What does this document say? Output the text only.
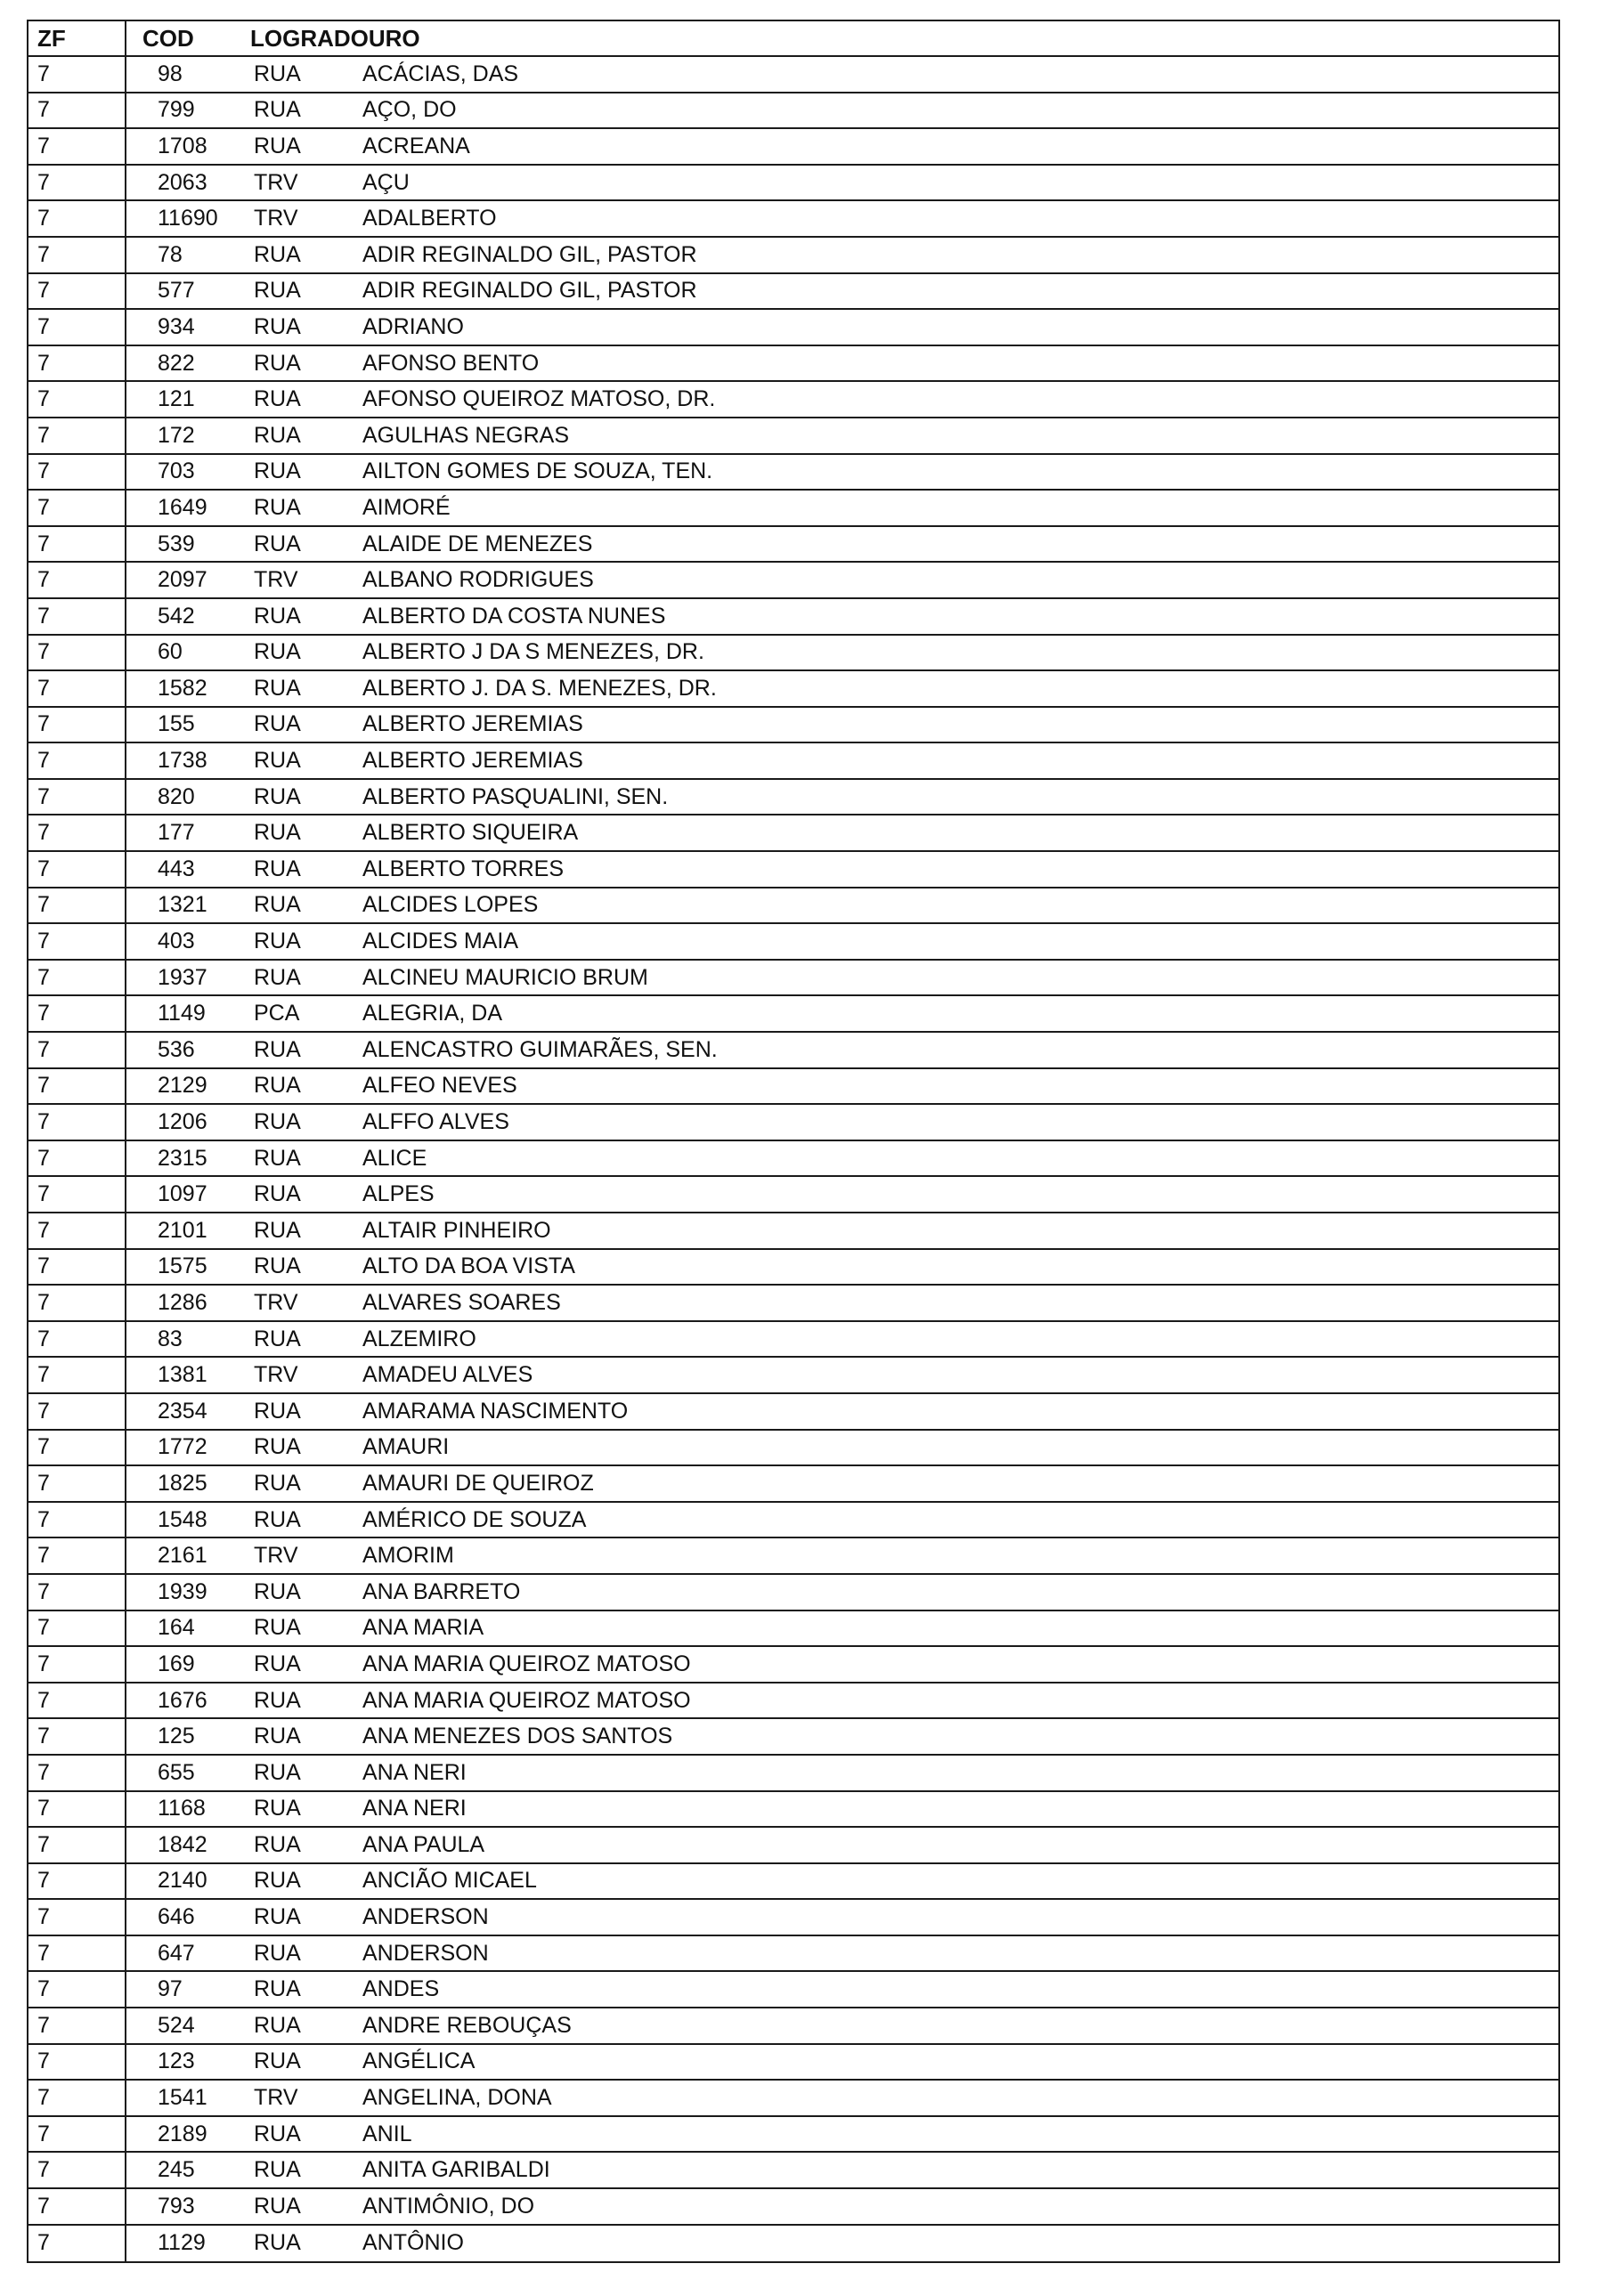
ZF	COD	LOGRADOURO
7	98	RUA	ACÁCIAS, DAS
7	799	RUA	AÇO, DO
7	1708	RUA	ACREANA
7	2063	TRV	AÇU
7	11690	TRV	ADALBERTO
7	78	RUA	ADIR REGINALDO GIL, PASTOR
7	577	RUA	ADIR REGINALDO GIL, PASTOR
7	934	RUA	ADRIANO
7	822	RUA	AFONSO BENTO
7	121	RUA	AFONSO QUEIROZ MATOSO, DR.
7	172	RUA	AGULHAS NEGRAS
7	703	RUA	AILTON GOMES DE SOUZA, TEN.
7	1649	RUA	AIMORÉ
7	539	RUA	ALAIDE DE MENEZES
7	2097	TRV	ALBANO RODRIGUES
7	542	RUA	ALBERTO DA COSTA NUNES
7	60	RUA	ALBERTO J DA S MENEZES, DR.
7	1582	RUA	ALBERTO J. DA S. MENEZES, DR.
7	155	RUA	ALBERTO JEREMIAS
7	1738	RUA	ALBERTO JEREMIAS
7	820	RUA	ALBERTO PASQUALINI, SEN.
7	177	RUA	ALBERTO SIQUEIRA
7	443	RUA	ALBERTO TORRES
7	1321	RUA	ALCIDES LOPES
7	403	RUA	ALCIDES MAIA
7	1937	RUA	ALCINEU MAURICIO BRUM
7	1149	PCA	ALEGRIA, DA
7	536	RUA	ALENCASTRO GUIMARÃES, SEN.
7	2129	RUA	ALFEO NEVES
7	1206	RUA	ALFFO ALVES
7	2315	RUA	ALICE
7	1097	RUA	ALPES
7	2101	RUA	ALTAIR PINHEIRO
7	1575	RUA	ALTO DA BOA VISTA
7	1286	TRV	ALVARES SOARES
7	83	RUA	ALZEMIRO
7	1381	TRV	AMADEU ALVES
7	2354	RUA	AMARAMA NASCIMENTO
7	1772	RUA	AMAURI
7	1825	RUA	AMAURI DE QUEIROZ
7	1548	RUA	AMÉRICO DE SOUZA
7	2161	TRV	AMORIM
7	1939	RUA	ANA BARRETO
7	164	RUA	ANA MARIA
7	169	RUA	ANA MARIA QUEIROZ MATOSO
7	1676	RUA	ANA MARIA QUEIROZ MATOSO
7	125	RUA	ANA MENEZES DOS SANTOS
7	655	RUA	ANA NERI
7	1168	RUA	ANA NERI
7	1842	RUA	ANA PAULA
7	2140	RUA	ANCIÃO MICAEL
7	646	RUA	ANDERSON
7	647	RUA	ANDERSON
7	97	RUA	ANDES
7	524	RUA	ANDRE REBOUÇAS
7	123	RUA	ANGÉLICA
7	1541	TRV	ANGELINA, DONA
7	2189	RUA	ANIL
7	245	RUA	ANITA GARIBALDI
7	793	RUA	ANTIMÔNIO, DO
7	1129	RUA	ANTÔNIO
